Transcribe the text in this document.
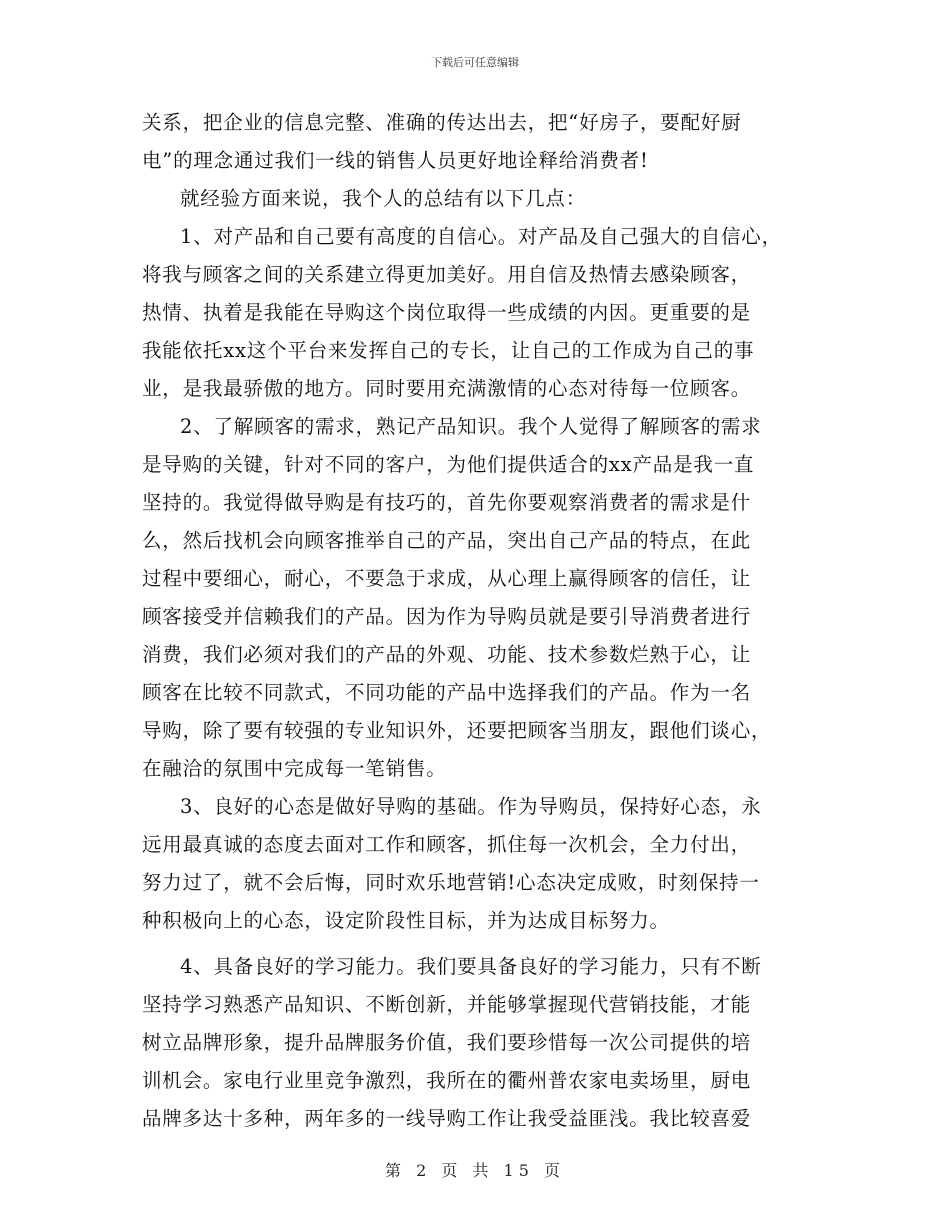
下载后可任意编辑
关系，把企业的信息完整、准确的传达出去，把“好房子，要配好厨
电”的理念通过我们一线的销售人员更好地诠释给消费者!
就经验方面来说，我个人的总结有以下几点：
1、对产品和自己要有高度的自信心。对产品及自己强大的自信心，
将我与顾客之间的关系建立得更加美好。用自信及热情去感染顾客，
热情、执着是我能在导购这个岗位取得一些成绩的内因。更重要的是
我能依托xx这个平台来发挥自己的专长，让自己的工作成为自己的事
业，是我最骄傲的地方。同时要用充满激情的心态对待每一位顾客。
2、了解顾客的需求，熟记产品知识。我个人觉得了解顾客的需求
是导购的关键，针对不同的客户，为他们提供适合的xx产品是我一直
坚持的。我觉得做导购是有技巧的，首先你要观察消费者的需求是什
么，然后找机会向顾客推举自己的产品，突出自己产品的特点，在此
过程中要细心，耐心，不要急于求成，从心理上赢得顾客的信任，让
顾客接受并信赖我们的产品。因为作为导购员就是要引导消费者进行
消费，我们必须对我们的产品的外观、功能、技术参数烂熟于心，让
顾客在比较不同款式，不同功能的产品中选择我们的产品。作为一名
导购，除了要有较强的专业知识外，还要把顾客当朋友，跟他们谈心，
在融洽的氛围中完成每一笔销售。
3、良好的心态是做好导购的基础。作为导购员，保持好心态，永
远用最真诚的态度去面对工作和顾客，抓住每一次机会，全力付出，
努力过了，就不会后悔，同时欢乐地营销!心态决定成败，时刻保持一
种积极向上的心态，设定阶段性目标，并为达成目标努力。
4、具备良好的学习能力。我们要具备良好的学习能力，只有不断
坚持学习熟悉产品知识、不断创新，并能够掌握现代营销技能，才能
树立品牌形象，提升品牌服务价值，我们要珍惜每一次公司提供的培
训机会。家电行业里竞争激烈，我所在的衢州普农家电卖场里，厨电
品牌多达十多种，两年多的一线导购工作让我受益匪浅。我比较喜爱
第 2 页 共 15 页
